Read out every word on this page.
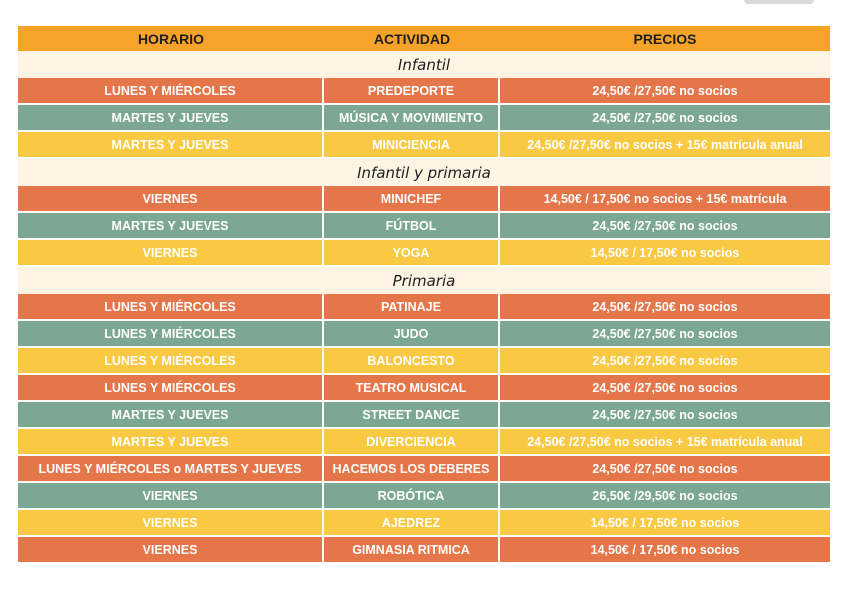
HORARIO	ACTIVIDAD	PRECIOS
Infantil		
LUNES Y MIÉRCOLES	PREDEPORTE	24,50€ /27,50€ no socios
MARTES Y JUEVES	MÚSICA Y MOVIMIENTO	24,50€ /27,50€ no socios
MARTES Y JUEVES	MINICIENCIA	24,50€ /27,50€ no socios + 15€ matrícula anual
Infantil y primaria		
VIERNES	MINICHEF	14,50€ / 17,50€ no socios + 15€ matrícula
MARTES Y JUEVES	FÚTBOL	24,50€ /27,50€ no socios
VIERNES	YOGA	14,50€ / 17,50€ no socios
Primaria		
LUNES Y MIÉRCOLES	PATINAJE	24,50€ /27,50€ no socios
LUNES Y MIÉRCOLES	JUDO	24,50€ /27,50€ no socios
LUNES Y MIÉRCOLES	BALONCESTO	24,50€ /27,50€ no socios
LUNES Y MIÉRCOLES	TEATRO MUSICAL	24,50€ /27,50€ no socios
MARTES Y JUEVES	STREET DANCE	24,50€ /27,50€ no socios
MARTES Y JUEVES	DIVERCIENCIA	24,50€ /27,50€ no socios + 15€ matrícula anual
LUNES Y MIÉRCOLES o MARTES Y JUEVES	HACEMOS LOS DEBERES	24,50€ /27,50€ no socios
VIERNES	ROBÓTICA	26,50€ /29,50€ no socios
VIERNES	AJEDREZ	14,50€ / 17,50€ no socios
VIERNES	GIMNASIA RITMICA	14,50€ / 17,50€ no socios
